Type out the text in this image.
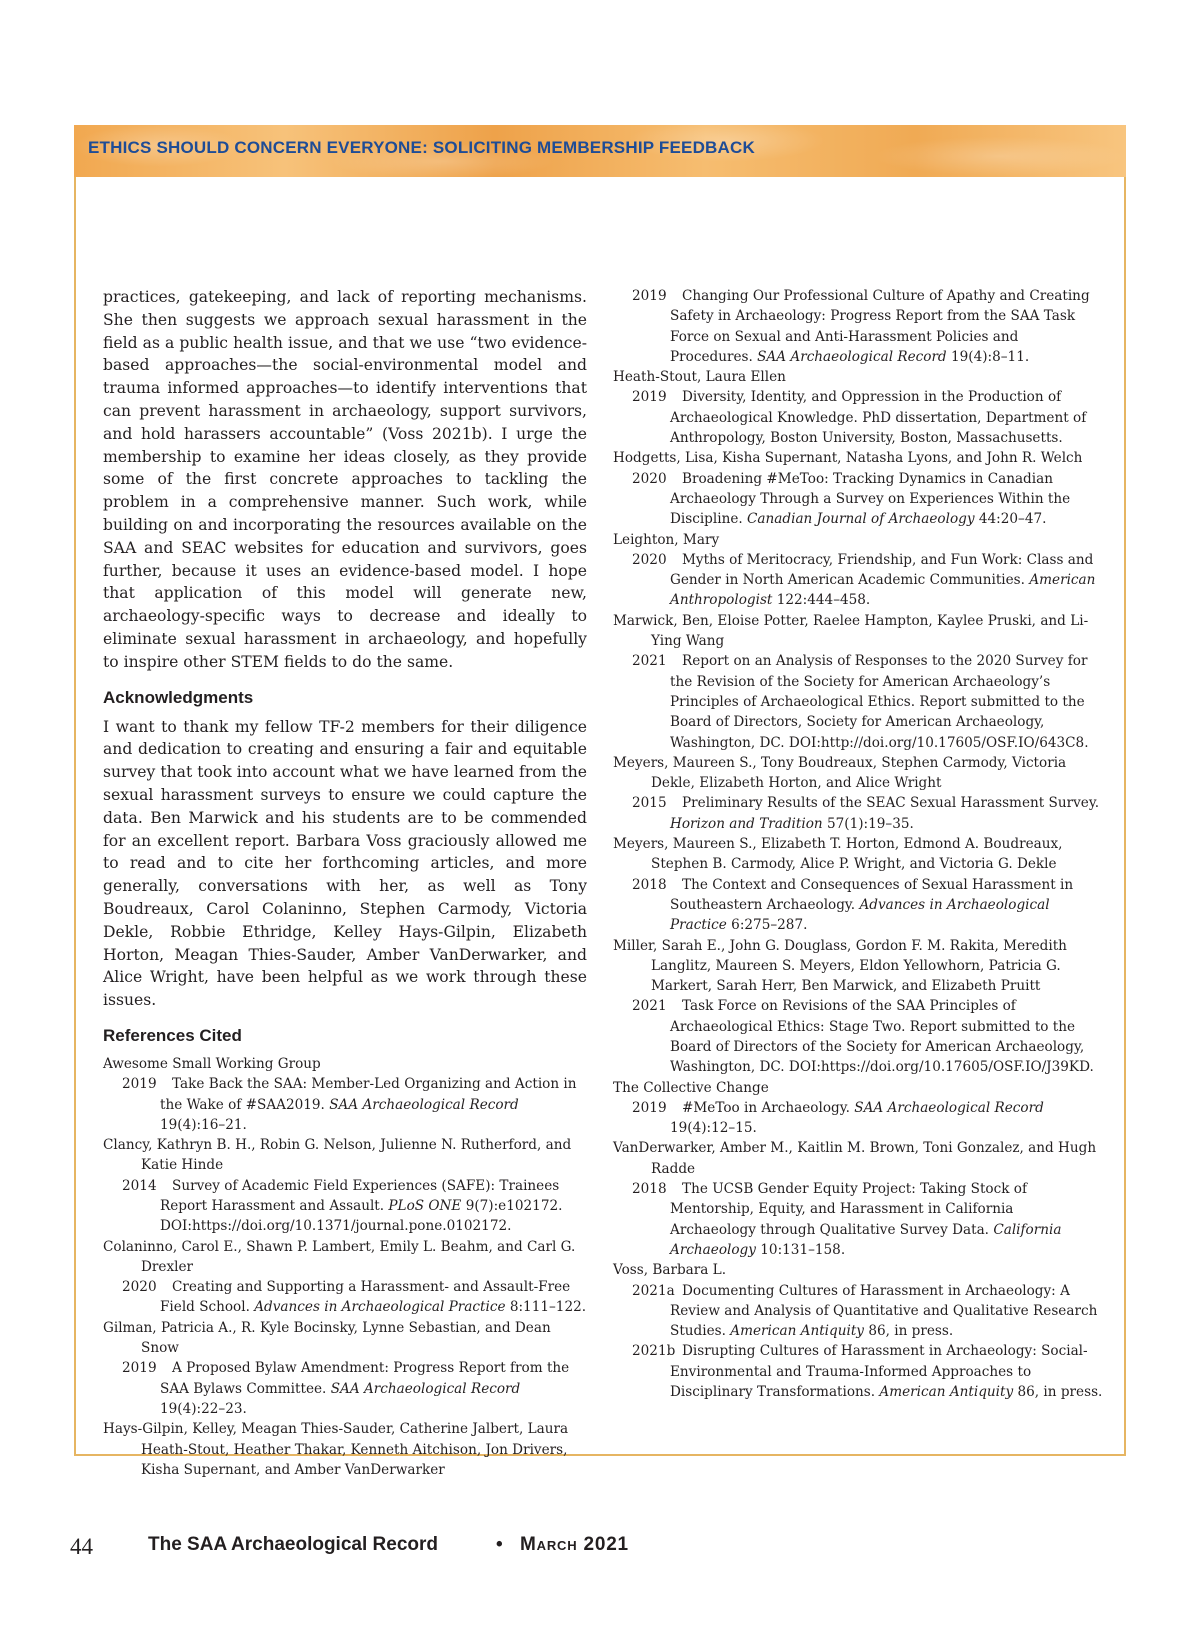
ETHICS SHOULD CONCERN EVERYONE: SOLICITING MEMBERSHIP FEEDBACK

practices, gatekeeping, and lack of reporting mechanisms. She then suggests we approach sexual harassment in the field as a public health issue, and that we use “two evidence-based approaches—the social-environmental model and trauma informed approaches—to identify interventions that can prevent harassment in archaeology, support survivors, and hold harassers accountable” (Voss 2021b). I urge the membership to examine her ideas closely, as they provide some of the first concrete approaches to tackling the problem in a comprehensive manner. Such work, while building on and incorporating the resources available on the SAA and SEAC websites for education and survivors, goes further, because it uses an evidence-based model. I hope that application of this model will generate new, archaeology-specific ways to decrease and ideally to eliminate sexual harassment in archaeology, and hopefully to inspire other STEM fields to do the same.

Acknowledgments

I want to thank my fellow TF-2 members for their diligence and dedication to creating and ensuring a fair and equitable survey that took into account what we have learned from the sexual harassment surveys to ensure we could capture the data. Ben Marwick and his students are to be commended for an excellent report. Barbara Voss graciously allowed me to read and to cite her forthcoming articles, and more generally, conversations with her, as well as Tony Boudreaux, Carol Colaninno, Stephen Carmody, Victoria Dekle, Robbie Ethridge, Kelley Hays-Gilpin, Elizabeth Horton, Meagan Thies-Sauder, Amber VanDerwarker, and Alice Wright, have been helpful as we work through these issues.

References Cited

Awesome Small Working Group

2019 Take Back the SAA: Member-Led Organizing and Action in the Wake of #SAA2019. SAA Archaeological Record 19(4):16–21.

Clancy, Kathryn B. H., Robin G. Nelson, Julienne N. Rutherford, and Katie Hinde

2014 Survey of Academic Field Experiences (SAFE): Trainees Report Harassment and Assault. PLoS ONE 9(7):e102172. DOI:https://doi.org/10.1371/journal.pone.0102172.

Colaninno, Carol E., Shawn P. Lambert, Emily L. Beahm, and Carl G. Drexler

2020 Creating and Supporting a Harassment- and Assault-Free Field School. Advances in Archaeological Practice 8:111–122.

Gilman, Patricia A., R. Kyle Bocinsky, Lynne Sebastian, and Dean Snow

2019 A Proposed Bylaw Amendment: Progress Report from the SAA Bylaws Committee. SAA Archaeological Record 19(4):22–23.

Hays-Gilpin, Kelley, Meagan Thies-Sauder, Catherine Jalbert, Laura Heath-Stout, Heather Thakar, Kenneth Aitchison, Jon Drivers, Kisha Supernant, and Amber VanDerwarker

2019 Changing Our Professional Culture of Apathy and Creating Safety in Archaeology: Progress Report from the SAA Task Force on Sexual and Anti-Harassment Policies and Procedures. SAA Archaeological Record 19(4):8–11.

Heath-Stout, Laura Ellen

2019 Diversity, Identity, and Oppression in the Production of Archaeological Knowledge. PhD dissertation, Department of Anthropology, Boston University, Boston, Massachusetts.

Hodgetts, Lisa, Kisha Supernant, Natasha Lyons, and John R. Welch

2020 Broadening #MeToo: Tracking Dynamics in Canadian Archaeology Through a Survey on Experiences Within the Discipline. Canadian Journal of Archaeology 44:20–47.

Leighton, Mary

2020 Myths of Meritocracy, Friendship, and Fun Work: Class and Gender in North American Academic Communities. American Anthropologist 122:444–458.

Marwick, Ben, Eloise Potter, Raelee Hampton, Kaylee Pruski, and Li-Ying Wang

2021 Report on an Analysis of Responses to the 2020 Survey for the Revision of the Society for American Archaeology’s Principles of Archaeological Ethics. Report submitted to the Board of Directors, Society for American Archaeology, Washington, DC. DOI:http://doi.org/10.17605/OSF.IO/643C8.

Meyers, Maureen S., Tony Boudreaux, Stephen Carmody, Victoria Dekle, Elizabeth Horton, and Alice Wright

2015 Preliminary Results of the SEAC Sexual Harassment Survey. Horizon and Tradition 57(1):19–35.

Meyers, Maureen S., Elizabeth T. Horton, Edmond A. Boudreaux, Stephen B. Carmody, Alice P. Wright, and Victoria G. Dekle

2018 The Context and Consequences of Sexual Harassment in Southeastern Archaeology. Advances in Archaeological Practice 6:275–287.

Miller, Sarah E., John G. Douglass, Gordon F. M. Rakita, Meredith Langlitz, Maureen S. Meyers, Eldon Yellowhorn, Patricia G. Markert, Sarah Herr, Ben Marwick, and Elizabeth Pruitt

2021 Task Force on Revisions of the SAA Principles of Archaeological Ethics: Stage Two. Report submitted to the Board of Directors of the Society for American Archaeology, Washington, DC. DOI:https://doi.org/10.17605/OSF.IO/J39KD.

The Collective Change

2019 #MeToo in Archaeology. SAA Archaeological Record 19(4):12–15.

VanDerwarker, Amber M., Kaitlin M. Brown, Toni Gonzalez, and Hugh Radde

2018 The UCSB Gender Equity Project: Taking Stock of Mentorship, Equity, and Harassment in California Archaeology through Qualitative Survey Data. California Archaeology 10:131–158.

Voss, Barbara L.

2021a Documenting Cultures of Harassment in Archaeology: A Review and Analysis of Quantitative and Qualitative Research Studies. American Antiquity 86, in press.

2021b Disrupting Cultures of Harassment in Archaeology: Social-Environmental and Trauma-Informed Approaches to Disciplinary Transformations. American Antiquity 86, in press.

44	The SAA Archaeological Record	• March 2021
